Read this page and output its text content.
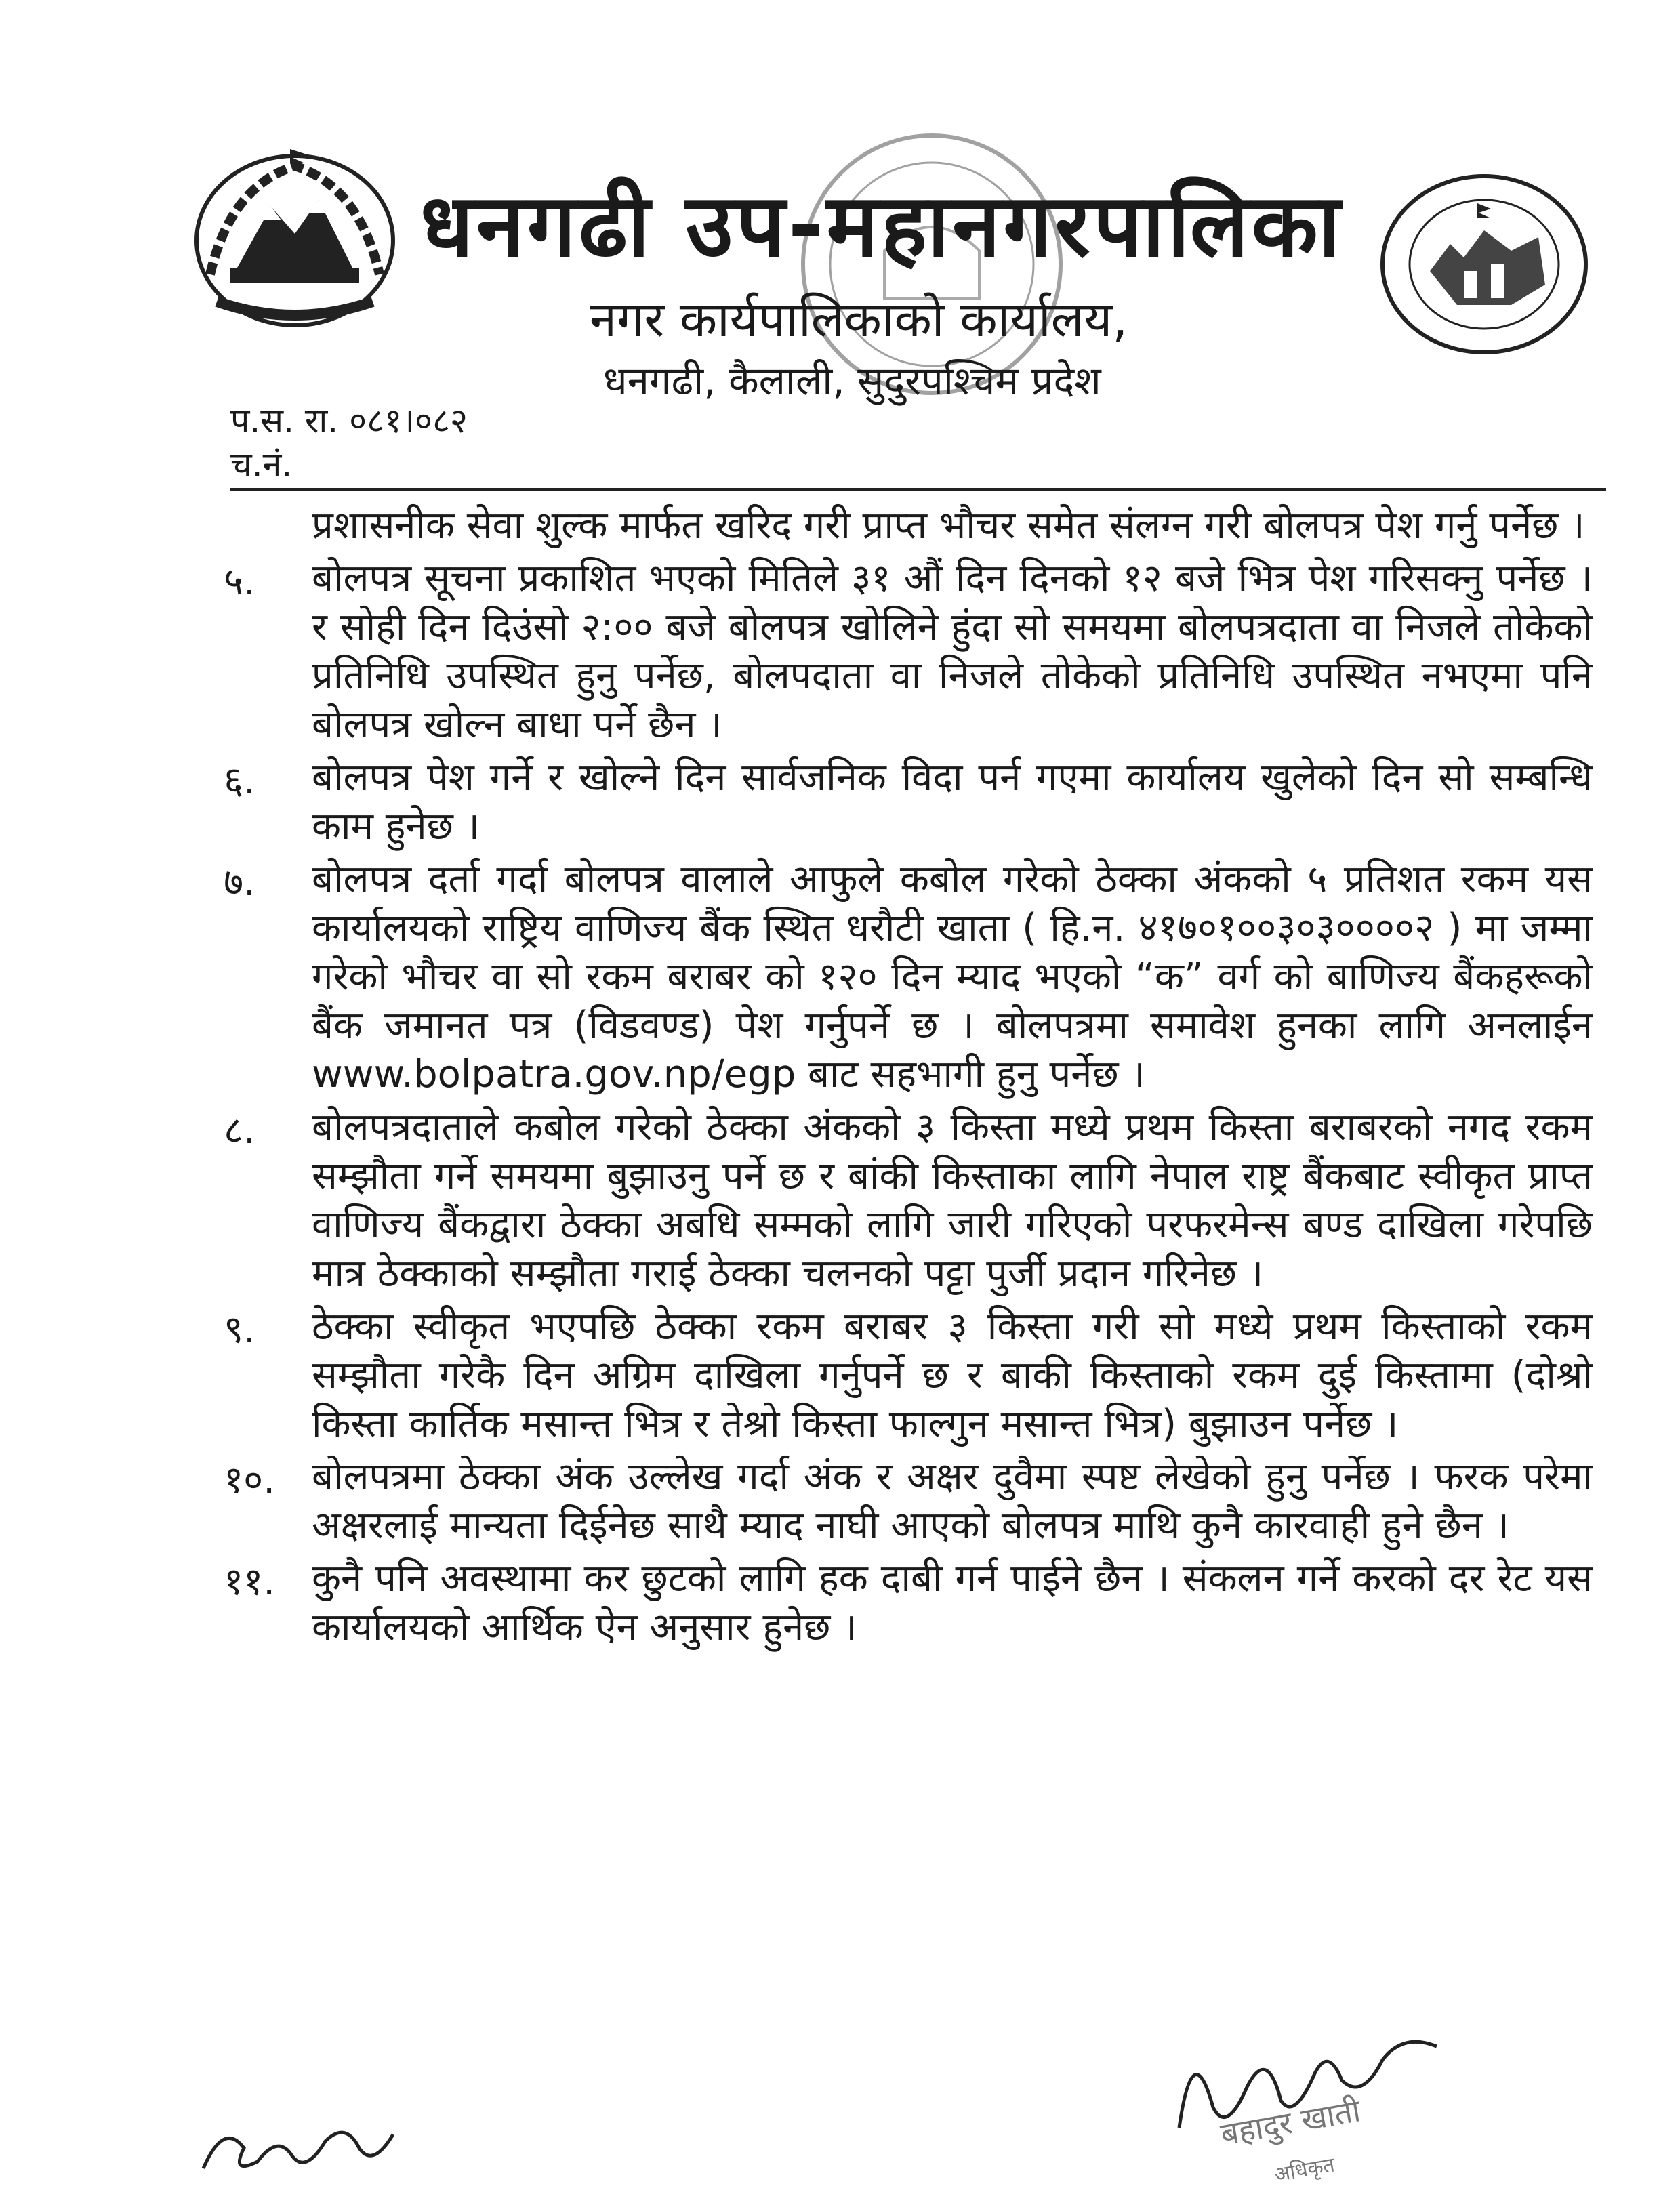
धनगढी उप-महानगरपालिका
नगर कार्यपालिकाको कार्यालय,
धनगढी, कैलाली, सुदुरपश्चिम प्रदेश
प.स. रा. ०८१।०८२
च.नं.
प्रशासनीक सेवा शुल्क मार्फत खरिद गरी प्राप्त भौचर समेत संलग्न गरी बोलपत्र पेश गर्नु पर्नेछ ।
५.	बोलपत्र सूचना प्रकाशित भएको मितिले ३१ औं दिन दिनको १२ बजे भित्र पेश गरिसक्नु पर्नेछ । र सोही दिन दिउंसो २:०० बजे बोलपत्र खोलिने हुंदा सो समयमा बोलपत्रदाता वा निजले तोकेको प्रतिनिधि उपस्थित हुनु पर्नेछ, बोलपदाता वा निजले तोकेको प्रतिनिधि उपस्थित नभएमा पनि बोलपत्र खोल्न बाधा पर्ने छैन ।
६.	बोलपत्र पेश गर्ने र खोल्ने दिन सार्वजनिक विदा पर्न गएमा कार्यालय खुलेको दिन सो सम्बन्धि काम हुनेछ ।
७.	बोलपत्र दर्ता गर्दा बोलपत्र वालाले आफुले कबोल गरेको ठेक्का अंकको ५ प्रतिशत रकम यस कार्यालयको राष्ट्रिय वाणिज्य बैंक स्थित धरौटी खाता ( हि.न. ४१७०१००३०३००००२ ) मा जम्मा गरेको भौचर वा सो रकम बराबर को १२० दिन म्याद भएको “क” वर्ग को बाणिज्य बैंकहरूको बैंक जमानत पत्र (विडवण्ड) पेश गर्नुपर्ने छ । बोलपत्रमा समावेश हुनका लागि अनलाईन www.bolpatra.gov.np/egp बाट सहभागी हुनु पर्नेछ ।
८.	बोलपत्रदाताले कबोल गरेको ठेक्का अंकको ३ किस्ता मध्ये प्रथम किस्ता बराबरको नगद रकम सम्झौता गर्ने समयमा बुझाउनु पर्ने छ र बांकी किस्ताका लागि नेपाल राष्ट्र बैंकबाट स्वीकृत प्राप्त वाणिज्य बैंकद्वारा ठेक्का अबधि सम्मको लागि जारी गरिएको परफरमेन्स बण्ड दाखिला गरेपछि मात्र ठेक्काको सम्झौता गराई ठेक्का चलनको पट्टा पुर्जी प्रदान गरिनेछ ।
९.	ठेक्का स्वीकृत भएपछि ठेक्का रकम बराबर ३ किस्ता गरी सो मध्ये प्रथम किस्ताको रकम सम्झौता गरेकै दिन अग्रिम दाखिला गर्नुपर्ने छ र बाकी किस्ताको रकम दुई किस्तामा (दोश्रो किस्ता कार्तिक मसान्त भित्र र तेश्रो किस्ता फाल्गुन मसान्त भित्र) बुझाउन पर्नेछ ।
१०. बोलपत्रमा ठेक्का अंक उल्लेख गर्दा अंक र अक्षर दुवैमा स्पष्ट लेखेको हुनु पर्नेछ । फरक परेमा अक्षरलाई मान्यता दिईनेछ साथै म्याद नाघी आएको बोलपत्र माथि कुनै कारवाही हुने छैन ।
११. कुनै पनि अवस्थामा कर छुटको लागि हक दाबी गर्न पाईने छैन । संकलन गर्ने करको दर रेट यस कार्यालयको आर्थिक ऐन अनुसार हुनेछ ।
बहादुर खाती
अधिकृत
